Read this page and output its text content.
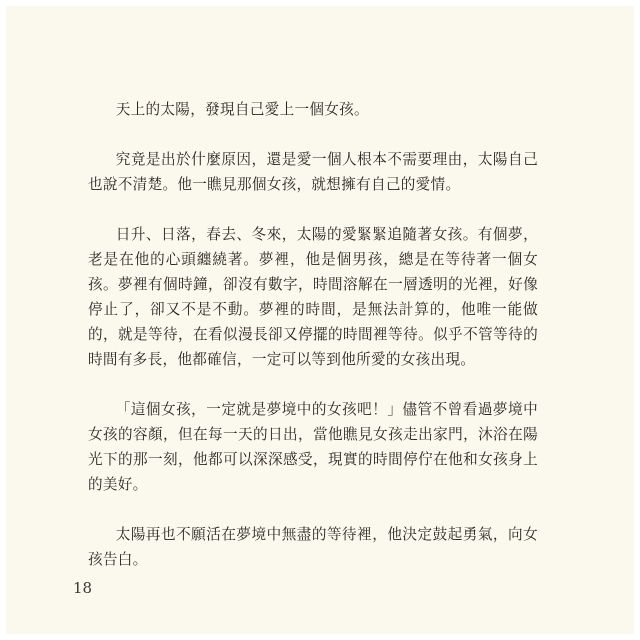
天上的太陽，發現自己愛上一個女孩。

究竟是出於什麼原因，還是愛一個人根本不需要理由，太陽自己也說不清楚。他一瞧見那個女孩，就想擁有自己的愛情。

日升、日落，春去、冬來，太陽的愛緊緊追隨著女孩。有個夢，老是在他的心頭纏繞著。夢裡，他是個男孩，總是在等待著一個女孩。夢裡有個時鐘，卻沒有數字，時間溶解在一層透明的光裡，好像停止了，卻又不是不動。夢裡的時間，是無法計算的，他唯一能做的，就是等待，在看似漫長卻又停擺的時間裡等待。似乎不管等待的時間有多長，他都確信，一定可以等到他所愛的女孩出現。

「這個女孩，一定就是夢境中的女孩吧！」儘管不曾看過夢境中女孩的容顏，但在每一天的日出，當他瞧見女孩走出家門，沐浴在陽光下的那一刻，他都可以深深感受，現實的時間停佇在他和女孩身上的美好。

太陽再也不願活在夢境中無盡的等待裡，他決定鼓起勇氣，向女孩告白。

18
